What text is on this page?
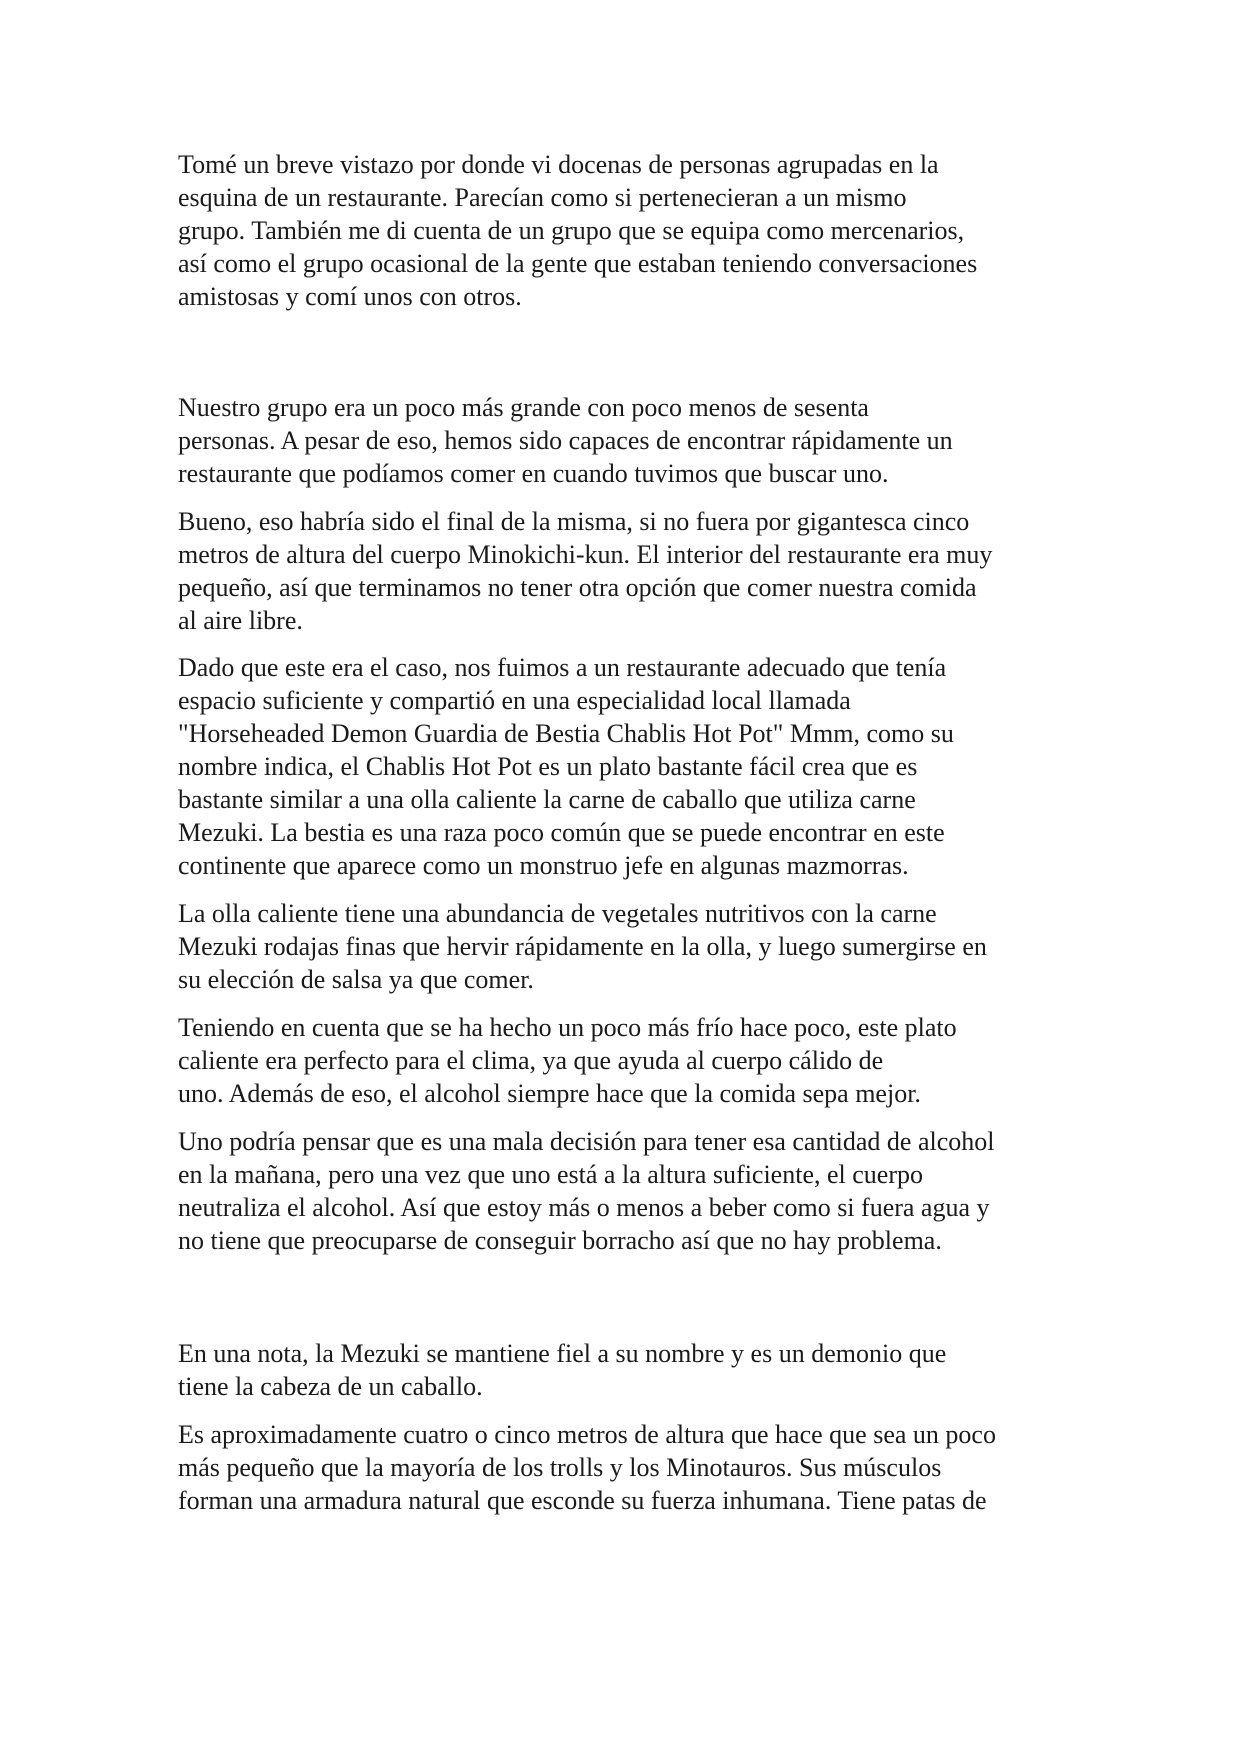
Tomé un breve vistazo por donde vi docenas de personas agrupadas en la
esquina de un restaurante. Parecían como si pertenecieran a un mismo
grupo. También me di cuenta de un grupo que se equipa como mercenarios,
así como el grupo ocasional de la gente que estaban teniendo conversaciones
amistosas y comí unos con otros.
Nuestro grupo era un poco más grande con poco menos de sesenta
personas. A pesar de eso, hemos sido capaces de encontrar rápidamente un
restaurante que podíamos comer en cuando tuvimos que buscar uno.
Bueno, eso habría sido el final de la misma, si no fuera por gigantesca cinco
metros de altura del cuerpo Minokichi-kun. El interior del restaurante era muy
pequeño, así que terminamos no tener otra opción que comer nuestra comida
al aire libre.
Dado que este era el caso, nos fuimos a un restaurante adecuado que tenía
espacio suficiente y compartió en una especialidad local llamada
"Horseheaded Demon Guardia de Bestia Chablis Hot Pot" Mmm, como su
nombre indica, el Chablis Hot Pot es un plato bastante fácil crea que es
bastante similar a una olla caliente la carne de caballo que utiliza carne
Mezuki. La bestia es una raza poco común que se puede encontrar en este
continente que aparece como un monstruo jefe en algunas mazmorras.
La olla caliente tiene una abundancia de vegetales nutritivos con la carne
Mezuki rodajas finas que hervir rápidamente en la olla, y luego sumergirse en
su elección de salsa ya que comer.
Teniendo en cuenta que se ha hecho un poco más frío hace poco, este plato
caliente era perfecto para el clima, ya que ayuda al cuerpo cálido de
uno. Además de eso, el alcohol siempre hace que la comida sepa mejor.
Uno podría pensar que es una mala decisión para tener esa cantidad de alcohol
en la mañana, pero una vez que uno está a la altura suficiente, el cuerpo
neutraliza el alcohol. Así que estoy más o menos a beber como si fuera agua y
no tiene que preocuparse de conseguir borracho así que no hay problema.
En una nota, la Mezuki se mantiene fiel a su nombre y es un demonio que
tiene la cabeza de un caballo.
Es aproximadamente cuatro o cinco metros de altura que hace que sea un poco
más pequeño que la mayoría de los trolls y los Minotauros. Sus músculos
forman una armadura natural que esconde su fuerza inhumana. Tiene patas de
